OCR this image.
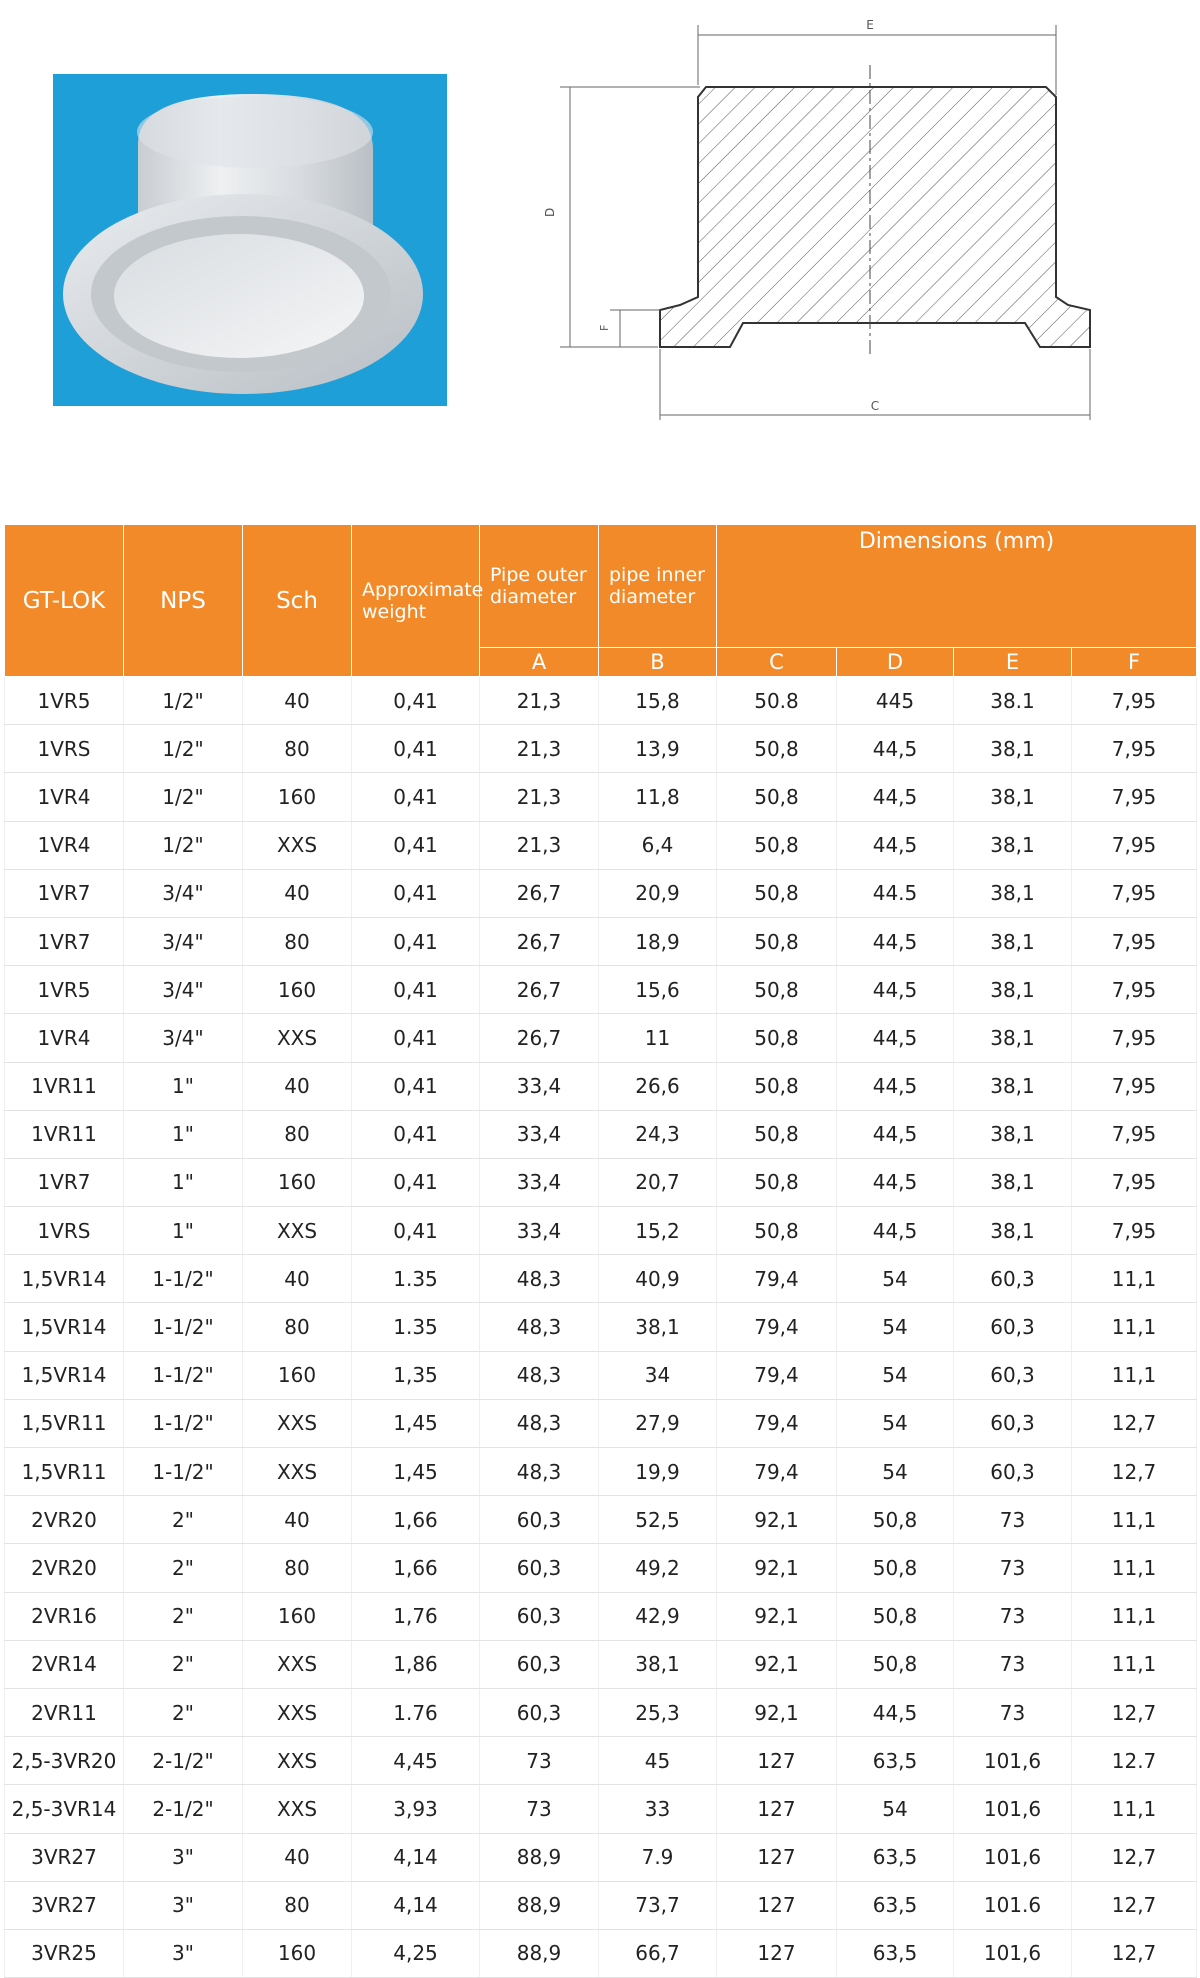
E
D
F
C
GT-LOK	NPS	Sch	Approximate weight	Pipe outer diameter	pipe inner diameter	Dimensions (mm)			
				A	B	C	D	E	F
1VR5	1/2"	40	0,41	21,3	15,8	50.8	445	38.1	7,95
1VRS	1/2"	80	0,41	21,3	13,9	50,8	44,5	38,1	7,95
1VR4	1/2"	160	0,41	21,3	11,8	50,8	44,5	38,1	7,95
1VR4	1/2"	XXS	0,41	21,3	6,4	50,8	44,5	38,1	7,95
1VR7	3/4"	40	0,41	26,7	20,9	50,8	44.5	38,1	7,95
1VR7	3/4"	80	0,41	26,7	18,9	50,8	44,5	38,1	7,95
1VR5	3/4"	160	0,41	26,7	15,6	50,8	44,5	38,1	7,95
1VR4	3/4"	XXS	0,41	26,7	11	50,8	44,5	38,1	7,95
1VR11	1"	40	0,41	33,4	26,6	50,8	44,5	38,1	7,95
1VR11	1"	80	0,41	33,4	24,3	50,8	44,5	38,1	7,95
1VR7	1"	160	0,41	33,4	20,7	50,8	44,5	38,1	7,95
1VRS	1"	XXS	0,41	33,4	15,2	50,8	44,5	38,1	7,95
1,5VR14	1-1/2"	40	1.35	48,3	40,9	79,4	54	60,3	11,1
1,5VR14	1-1/2"	80	1.35	48,3	38,1	79,4	54	60,3	11,1
1,5VR14	1-1/2"	160	1,35	48,3	34	79,4	54	60,3	11,1
1,5VR11	1-1/2"	XXS	1,45	48,3	27,9	79,4	54	60,3	12,7
1,5VR11	1-1/2"	XXS	1,45	48,3	19,9	79,4	54	60,3	12,7
2VR20	2"	40	1,66	60,3	52,5	92,1	50,8	73	11,1
2VR20	2"	80	1,66	60,3	49,2	92,1	50,8	73	11,1
2VR16	2"	160	1,76	60,3	42,9	92,1	50,8	73	11,1
2VR14	2"	XXS	1,86	60,3	38,1	92,1	50,8	73	11,1
2VR11	2"	XXS	1.76	60,3	25,3	92,1	44,5	73	12,7
2,5-3VR20	2-1/2"	XXS	4,45	73	45	127	63,5	101,6	12.7
2,5-3VR14	2-1/2"	XXS	3,93	73	33	127	54	101,6	11,1
3VR27	3"	40	4,14	88,9	7.9	127	63,5	101,6	12,7
3VR27	3"	80	4,14	88,9	73,7	127	63,5	101.6	12,7
3VR25	3"	160	4,25	88,9	66,7	127	63,5	101,6	12,7
